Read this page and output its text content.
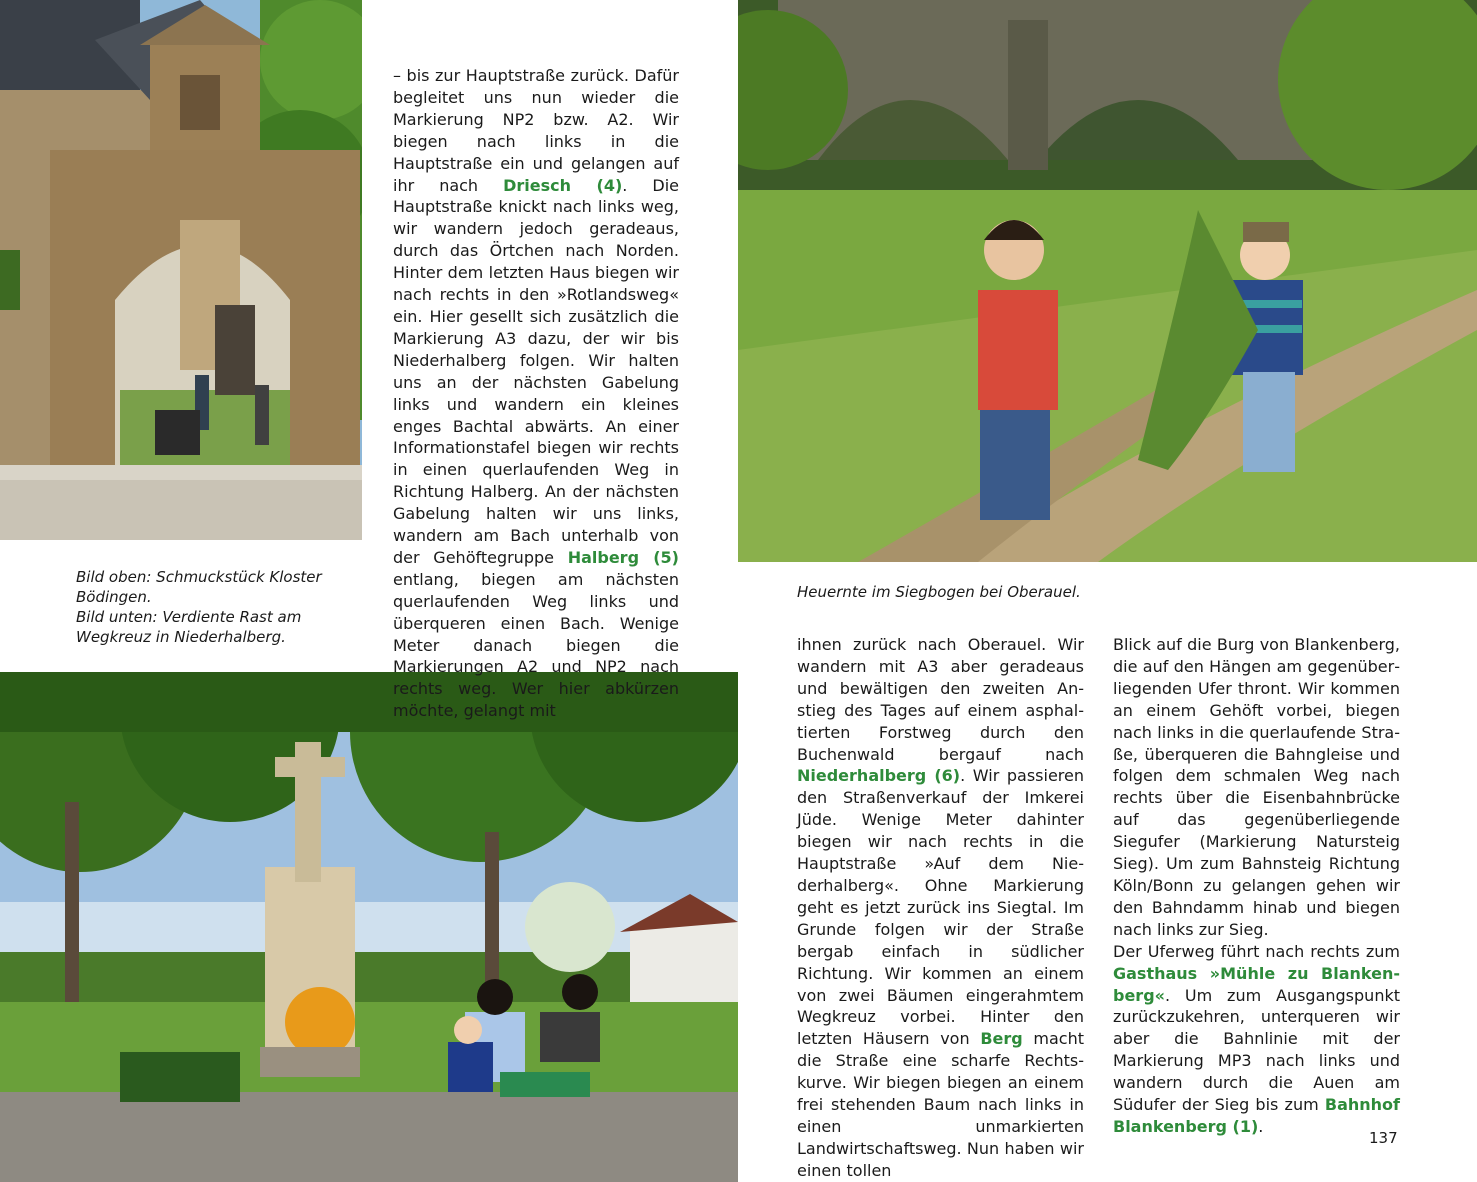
Bild oben: Schmuckstück Kloster Bödingen.
Bild unten: Verdiente Rast am Wegkreuz in Niederhalberg.
Heuernte im Siegbogen bei Oberauel.

– bis zur Hauptstraße zurück. Dafür begleitet uns nun wieder die Markierung NP2 bzw. A2. Wir biegen nach links in die Hauptstraße ein und gelangen auf ihr nach Driesch (4). Die Hauptstraße knickt nach links weg, wir wandern jedoch geradeaus, durch das Örtchen nach Norden. Hinter dem letzten Haus biegen wir nach rechts in den »Rotlandsweg« ein. Hier gesellt sich zusätzlich die Markierung A3 dazu, der wir bis Niederhalberg folgen. Wir halten uns an der nächsten Gabelung links und wandern ein kleines enges Bachtal abwärts. An einer Informationstafel biegen wir rechts in einen querlaufenden Weg in Richtung Halberg. An der nächsten Gabelung halten wir uns links, wandern am Bach unterhalb von der Gehöftegruppe Halberg (5) entlang, biegen am nächsten querlaufenden Weg links und überqueren einen Bach. Wenige Meter danach biegen die Markierungen A2 und NP2 nach rechts weg. Wer hier abkürzen möchte, gelangt mit

ihnen zurück nach Oberauel. Wir wandern mit A3 aber geradeaus und bewältigen den zweiten Anstieg des Tages auf einem asphaltierten Forstweg durch den Buchenwald bergauf nach Niederhalberg (6). Wir passieren den Straßenverkauf der Imkerei Jüde. Wenige Meter dahinter biegen wir nach rechts in die Hauptstraße »Auf dem Niederhalberg«. Ohne Markierung geht es jetzt zurück ins Siegtal. Im Grunde folgen wir der Straße bergab einfach in südlicher Richtung. Wir kommen an einem von zwei Bäumen eingerahmtem Wegkreuz vorbei. Hinter den letzten Häusern von Berg macht die Straße eine scharfe Rechtskurve. Wir biegen biegen an einem frei stehenden Baum nach links in einen unmarkierten Landwirtschaftsweg. Nun haben wir einen tollen

Blick auf die Burg von Blankenberg, die auf den Hängen am gegenüberliegenden Ufer thront. Wir kommen an einem Gehöft vorbei, biegen nach links in die querlaufende Straße, überqueren die Bahngleise und folgen dem schmalen Weg nach rechts über die Eisenbahnbrücke auf das gegenüberliegende Siegufer (Markierung Natursteig Sieg). Um zum Bahnsteig Richtung Köln/Bonn zu gelangen gehen wir den Bahndamm hinab und biegen nach links zur Sieg.

Der Uferweg führt nach rechts zum Gasthaus »Mühle zu Blankenberg«. Um zum Ausgangspunkt zurückzukehren, unterqueren wir aber die Bahnlinie mit der Markierung MP3 nach links und wandern durch die Auen am Südufer der Sieg bis zum Bahnhof Blankenberg (1).

137
